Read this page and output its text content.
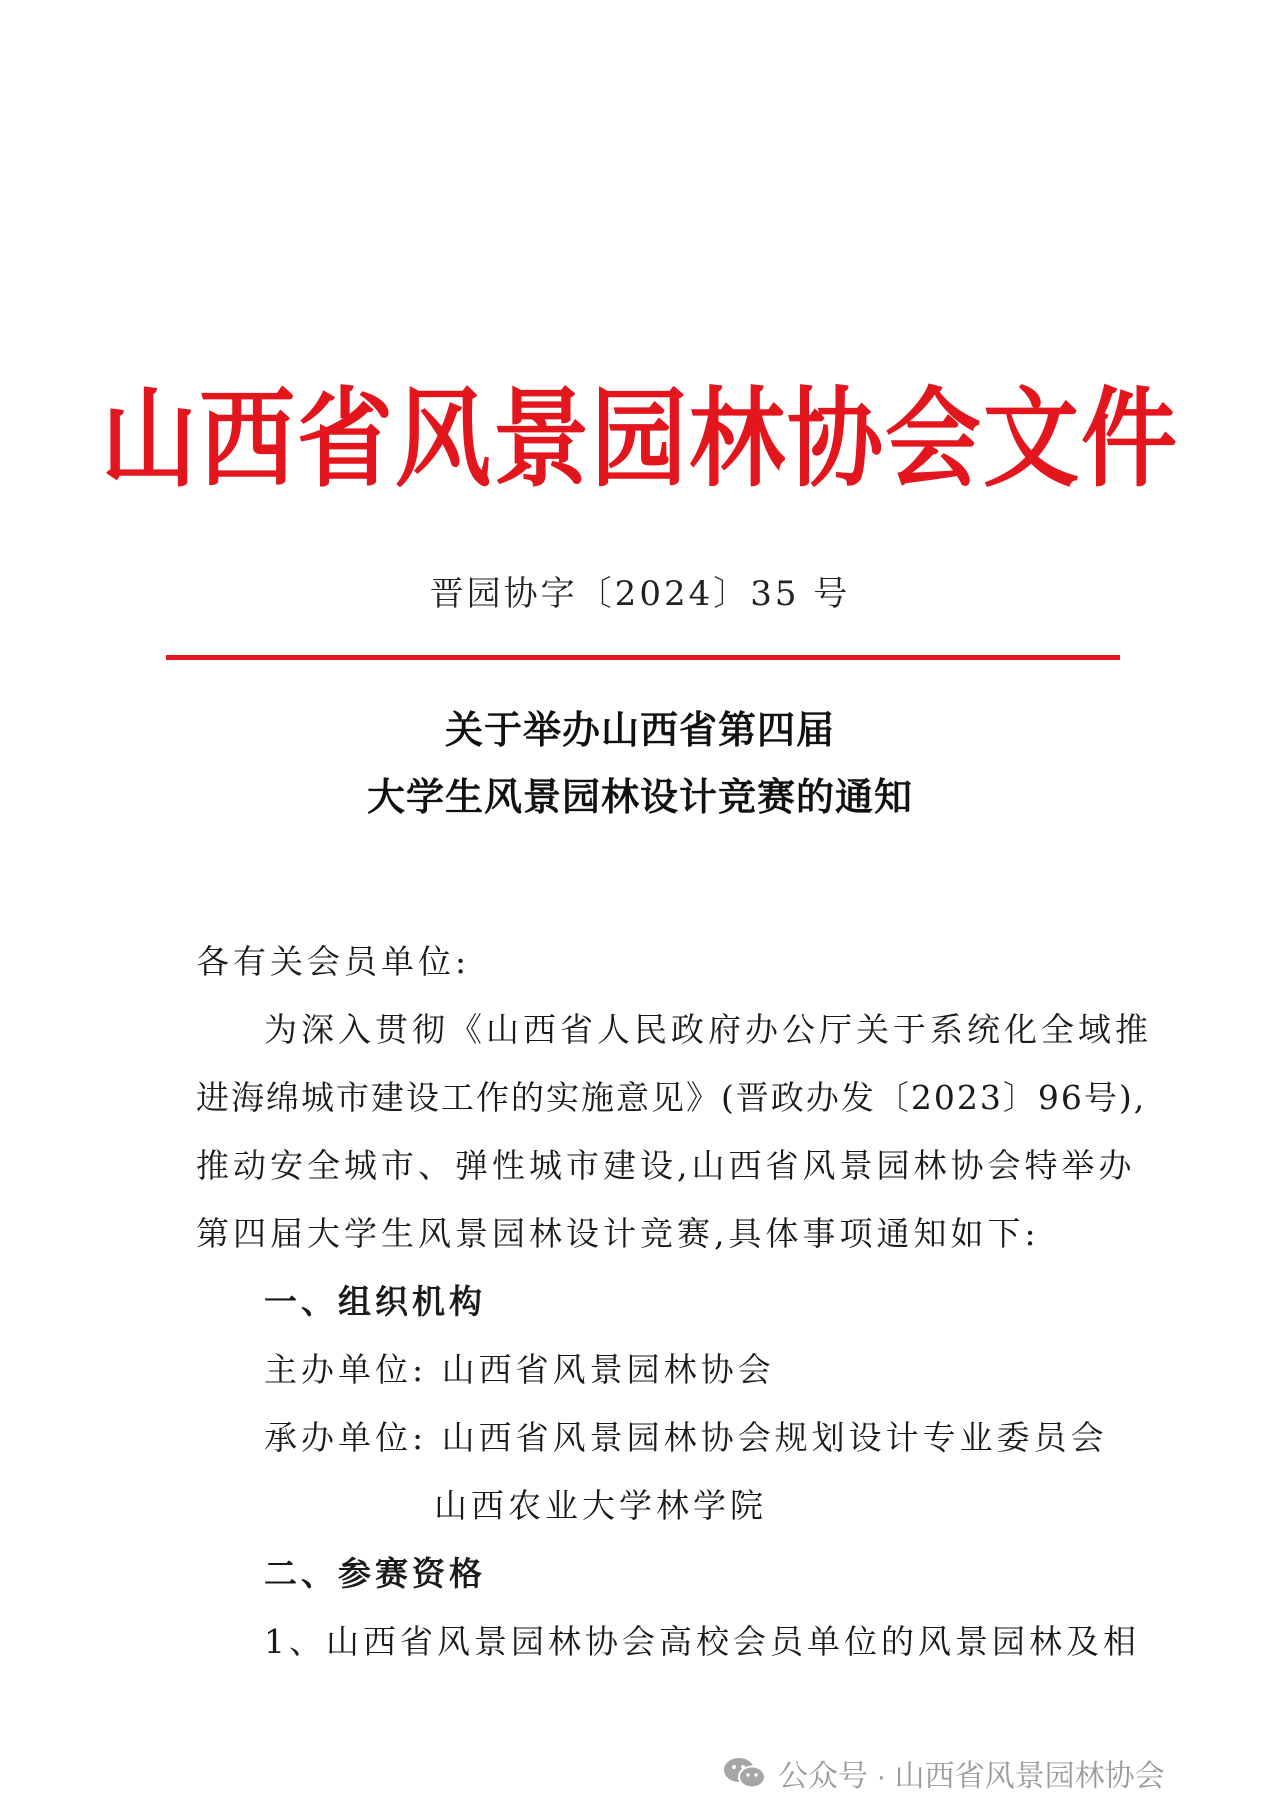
山西省风景园林协会文件
晋园协字〔2024〕35 号
关于举办山西省第四届
大学生风景园林设计竞赛的通知
各有关会员单位:
为深入贯彻《山西省人民政府办公厅关于系统化全域推
进海绵城市建设工作的实施意见》(晋政办发〔2023〕96号),
推动安全城市、弹性城市建设,山西省风景园林协会特举办
第四届大学生风景园林设计竞赛,具体事项通知如下:
一、组织机构
主办单位: 山西省风景园林协会
承办单位: 山西省风景园林协会规划设计专业委员会
山西农业大学林学院
二、参赛资格
1、山西省风景园林协会高校会员单位的风景园林及相
公众号 · 山西省风景园林协会
